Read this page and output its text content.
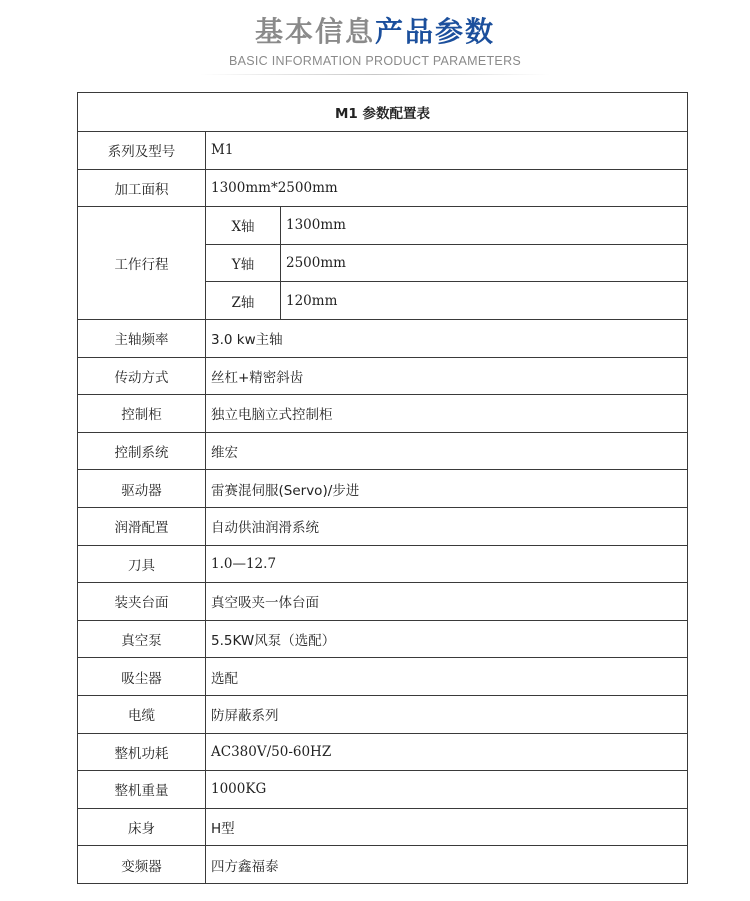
基本信息产品参数
BASIC INFORMATION PRODUCT PARAMETERS
M1 参数配置表		
系列及型号	M1	
加工面积	1300mm*2500mm	
工作行程	X轴	1300mm
	Y轴	2500mm
	Z轴	120mm
主轴频率	3.0 kw主轴	
传动方式	丝杠+精密斜齿	
控制柜	独立电脑立式控制柜	
控制系统	维宏	
驱动器	雷赛混伺服(Servo)/步进	
润滑配置	自动供油润滑系统	
刀具	1.0—12.7	
装夹台面	真空吸夹一体台面	
真空泵	5.5KW风泵（选配）	
吸尘器	选配	
电缆	防屏蔽系列	
整机功耗	AC380V/50-60HZ	
整机重量	1000KG	
床身	H型	
变频器	四方鑫福泰	
